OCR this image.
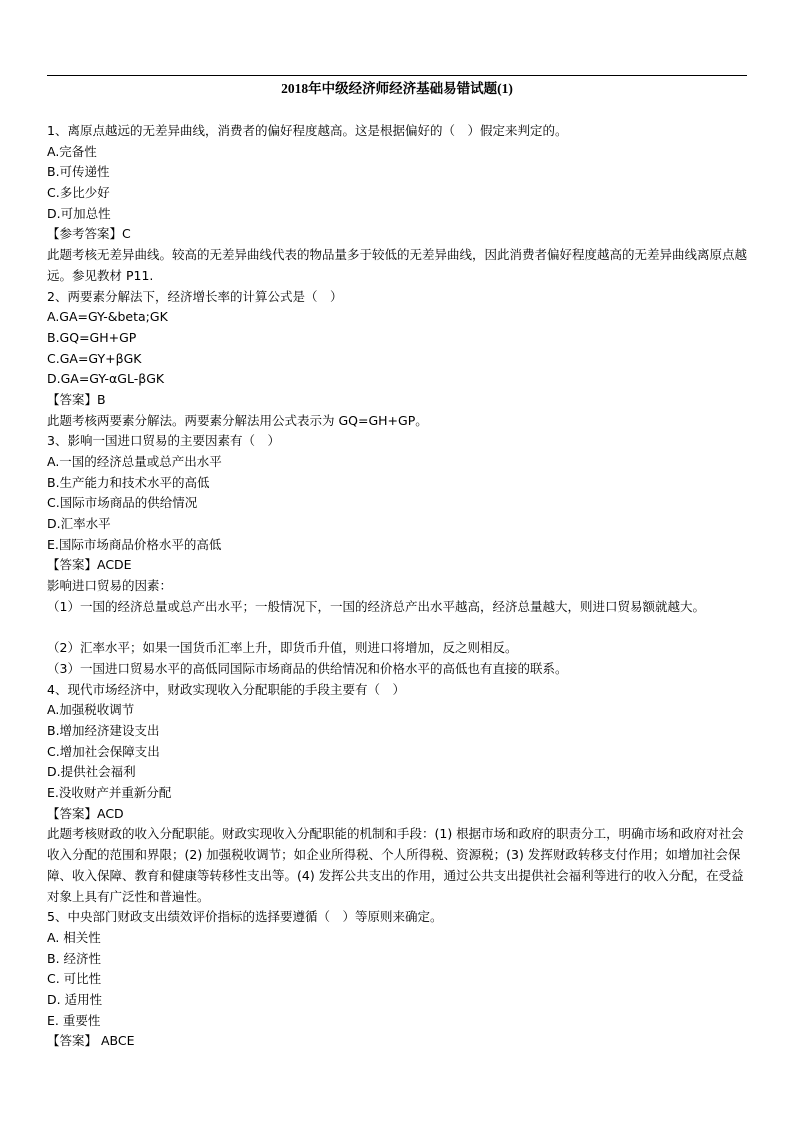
2018年中级经济师经济基础易错试题(1)
1、离原点越远的无差异曲线，消费者的偏好程度越高。这是根据偏好的（　）假定来判定的。
A.完备性
B.可传递性
C.多比少好
D.可加总性
【参考答案】C
此题考核无差异曲线。较高的无差异曲线代表的物品量多于较低的无差异曲线，因此消费者偏好程度越高的无差异曲线离原点越远。参见教材 P11.
2、两要素分解法下，经济增长率的计算公式是（　）
A.GA=GY-&beta;GK
B.GQ=GH+GP
C.GA=GY+βGK
D.GA=GY-αGL-βGK
【答案】B
此题考核两要素分解法。两要素分解法用公式表示为 GQ=GH+GP。
3、影响一国进口贸易的主要因素有（　）
A.一国的经济总量或总产出水平
B.生产能力和技术水平的高低
C.国际市场商品的供给情况
D.汇率水平
E.国际市场商品价格水平的高低
【答案】ACDE
影响进口贸易的因素：
（1）一国的经济总量或总产出水平；一般情况下，一国的经济总产出水平越高，经济总量越大，则进口贸易额就越大。
（2）汇率水平；如果一国货币汇率上升，即货币升值，则进口将增加，反之则相反。
（3）一国进口贸易水平的高低同国际市场商品的供给情况和价格水平的高低也有直接的联系。
4、现代市场经济中，财政实现收入分配职能的手段主要有（　）
A.加强税收调节
B.增加经济建设支出
C.增加社会保障支出
D.提供社会福利
E.没收财产并重新分配
【答案】ACD
此题考核财政的收入分配职能。财政实现收入分配职能的机制和手段：(1) 根据市场和政府的职责分工，明确市场和政府对社会收入分配的范围和界限；(2) 加强税收调节；如企业所得税、个人所得税、资源税；(3) 发挥财政转移支付作用；如增加社会保障、收入保障、教育和健康等转移性支出等。(4) 发挥公共支出的作用，通过公共支出提供社会福利等进行的收入分配，在受益对象上具有广泛性和普遍性。
5、中央部门财政支出绩效评价指标的选择要遵循（　）等原则来确定。
A. 相关性
B. 经济性
C. 可比性
D. 适用性
E. 重要性
【答案】 ABCE
